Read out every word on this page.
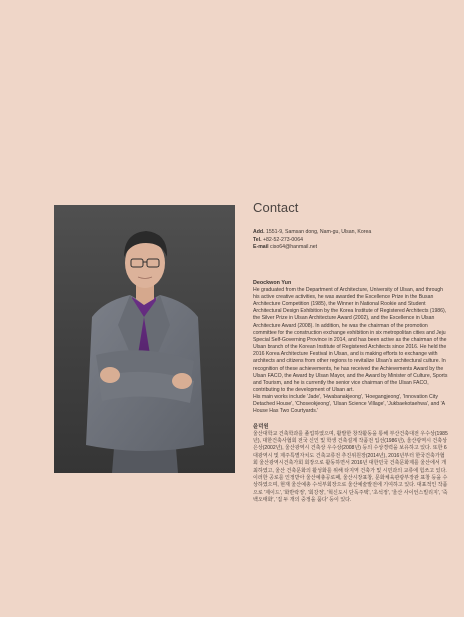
Contact
Add. 1551-9, Samsan dong, Nam-gu, Ulsan, Korea
Tel. +82-52-273-0064
E-mail ciso64@hanmail.net
Deockwon Yun

He graduated from the Department of Architecture, University of Ulsan, and through his active creative activities, he was awarded the Excellence Prize in the Busan Architecture Competition (1985), the Winner in National Rookie and Student Architectural Design Exhibition by the Korea Institute of Registered Architects (1986), the Silver Prize in Ulsan Architecture Award (2002), and the Excellence in Ulsan Architecture Award (2008). In addition, he was the chairman of the promotion committee for the construction exchange exhibition in six metropolitan cities and Jeju Special Self-Governing Province in 2014, and has been active as the chairman of the Ulsan branch of the Korean Institute of Registered Architects since 2016. He held the 2016 Korea Architecture Festival in Ulsan, and is making efforts to exchange with architects and citizens from other regions to revitalize Ulsan's architectural culture. In recognition of these achievements, he has received the Achievements Award by the Ulsan FACO, the Award by Ulsan Mayor, and the Award by Minister of Culture, Sports and Tourism, and he is currently the senior vice chairman of the Ulsan FACO, contributing to the development of Ulsan art.

His main works include 'Jade', 'Hwabanakjeong', 'Hoegangjeong', 'Innovation City Detached House', 'Choseokjeong', 'Ulsan Science Village', 'Jukbaekotaehwa', and 'A House Has Two Courtyards.'

윤덕원

울산대학교 건축학과를 졸업하였으며, 활발한 창작활동을 통해 부산건축대전 우수상(1985년), 대한건축사협회 전국 신인 및 학생 건축설계 작품전 입선(1986년), 울산광역시 건축상 은상(2002년), 울산광역시 건축상 우수상(2008년) 등의 수상경력을 보유하고 있다. 또한 6대광역시 및 제주특별자치도 건축교류전 추진위원장(2014년), 2016년부터 한국건축가협회 울산광역시건축가회 회장으로 활동하면서 2016년 대한민국 건축문화제를 울산에서 개최하였고, 울산 건축문화의 활성화를 위해 타지역 건축가 및 시민과의 교류에 힘쓰고 있다. 이러한 공로를 인정받아 울산예총공로패, 울산시장표창, 문화체육관광부장관 표창 등을 수상하였으며, 현재 울산예총 수석부회장으로 울산예술발전에 기여하고 있다. 대표적인 작품으로 '제이드', '화반락정', '회강정', '혁신도시 단독주택', '초석정', '울산 사이언스빌리지', '죽백오태화', '집 두 개의 중정을 품다' 등이 있다.
